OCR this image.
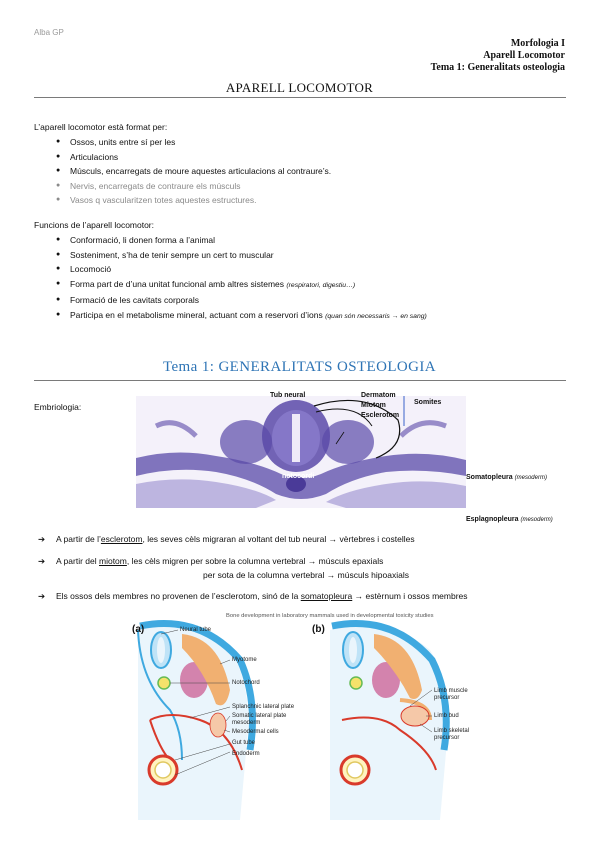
Alba GP
Morfologia I
Aparell Locomotor
Tema 1: Generalitats osteologia
APARELL LOCOMOTOR
L’aparell locomotor està format per:
● Ossos, units entre sí per les
● Articulacions
● Músculs, encarregats de moure aquestes articulacions al contraure’s.
● Nervis, encarregats de contraure els músculs
● Vasos q vascularitzen totes aquestes estructures.
Funcions de l’aparell locomotor:
● Conformació, li donen forma a l’animal
● Sosteniment, s’ha de tenir sempre un cert to muscular
● Locomoció
● Forma part de d’una unitat funcional amb altres sistemes (respiratori, digestiu…)
● Formació de les cavitats corporals
● Participa en el metabolisme mineral, actuant com a reservori d’ions (quan són necessaris → en sang)
Tema 1: GENERALITATS OSTEOLOGIA
Embriologia:
Tub neural	Dermatom
Miotom
Esclerotom
Somites
notocordi	Somatopleura (mesoderm)
Esplagnopleura (mesoderm)
➔ A partir de l’esclerotom, les seves cèls migraran al voltant del tub neural → vèrtebres i costelles
➔ A partir del miotom, les cèls migren per sobre la columna vertebral → músculs epaxials
per sota de la columna vertebral → músculs hipoaxials
➔ Els ossos dels membres no provenen de l’esclerotom, sinó de la somatopleura → estèrnum i ossos membres
Bone development in laboratory mammals used in developmental toxicity studies
(a)	(b)
Neural tube
Myotome
Notochord
Splanchnic lateral plate
Somatic lateral plate
mesoderm
Mesodermal cells
Gut tube
Endoderm
Limb muscle
precursor
Limb bud
Limb skeletal
precursor
